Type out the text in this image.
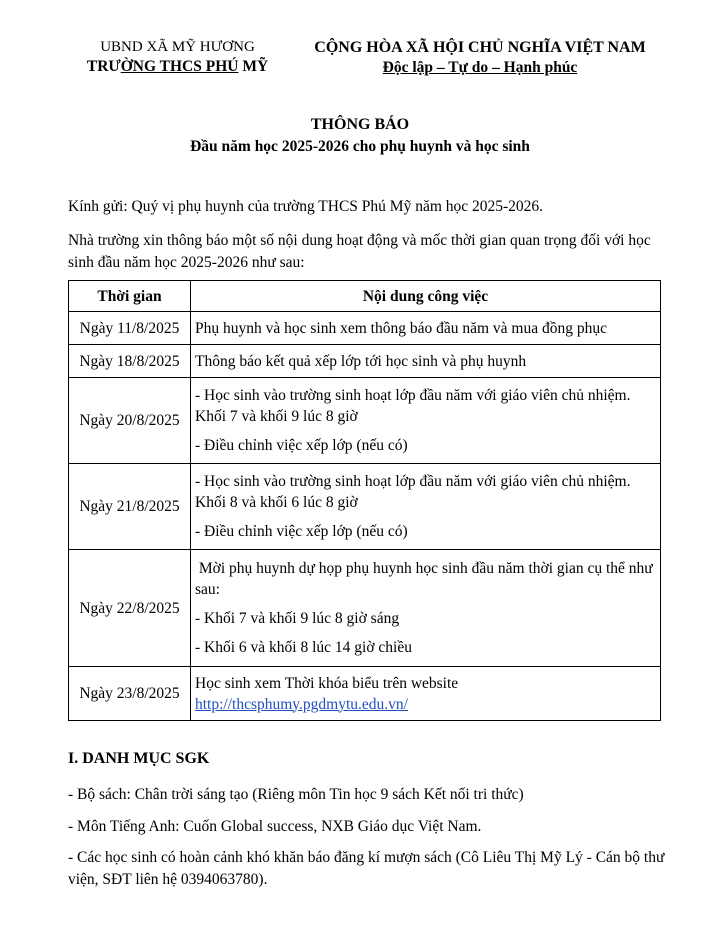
UBND XÃ MỸ HƯƠNG
TRƯỜNG THCS PHÚ MỸ
CỘNG HÒA XÃ HỘI CHỦ NGHĨA VIỆT NAM
Độc lập – Tự do – Hạnh phúc
THÔNG BÁO
Đầu năm học 2025-2026 cho phụ huynh và học sinh
Kính gửi: Quý vị phụ huynh của trường THCS Phú Mỹ năm học 2025-2026.
Nhà trường xin thông báo một số nội dung hoạt động và mốc thời gian quan trọng đối với học sinh đầu năm học 2025-2026 như sau:
Thời gian	Nội dung công việc
Ngày 11/8/2025	Phụ huynh và học sinh xem thông báo đầu năm và mua đồng phục

Ngày 18/8/2025	Thông báo kết quả xếp lớp tới học sinh và phụ huynh

Ngày 20/8/2025	- Học sinh vào trường sinh hoạt lớp đầu năm với giáo viên chủ nhiệm. Khối 7 và khối 9 lúc 8 giờ

- Điều chỉnh việc xếp lớp (nếu có)

Ngày 21/8/2025	- Học sinh vào trường sinh hoạt lớp đầu năm với giáo viên chủ nhiệm. Khối 8 và khối 6 lúc 8 giờ

- Điều chỉnh việc xếp lớp (nếu có)

Ngày 22/8/2025	Mời phụ huynh dự họp phụ huynh học sinh đầu năm thời gian cụ thể như sau:

- Khối 7 và khối 9 lúc 8 giờ sáng

- Khối 6 và khối 8 lúc 14 giờ chiều

Ngày 23/8/2025	Học sinh xem Thời khóa biểu trên website
http://thcsphumy.pgdmytu.edu.vn/
I. DANH MỤC SGK
- Bộ sách: Chân trời sáng tạo (Riêng môn Tin học 9 sách Kết nối tri thức)
- Môn Tiếng Anh: Cuốn Global success, NXB Giáo dục Việt Nam.
- Các học sinh có hoàn cảnh khó khăn báo đăng kí mượn sách (Cô Liêu Thị Mỹ Lý - Cán bộ thư viện, SĐT liên hệ 0394063780).
